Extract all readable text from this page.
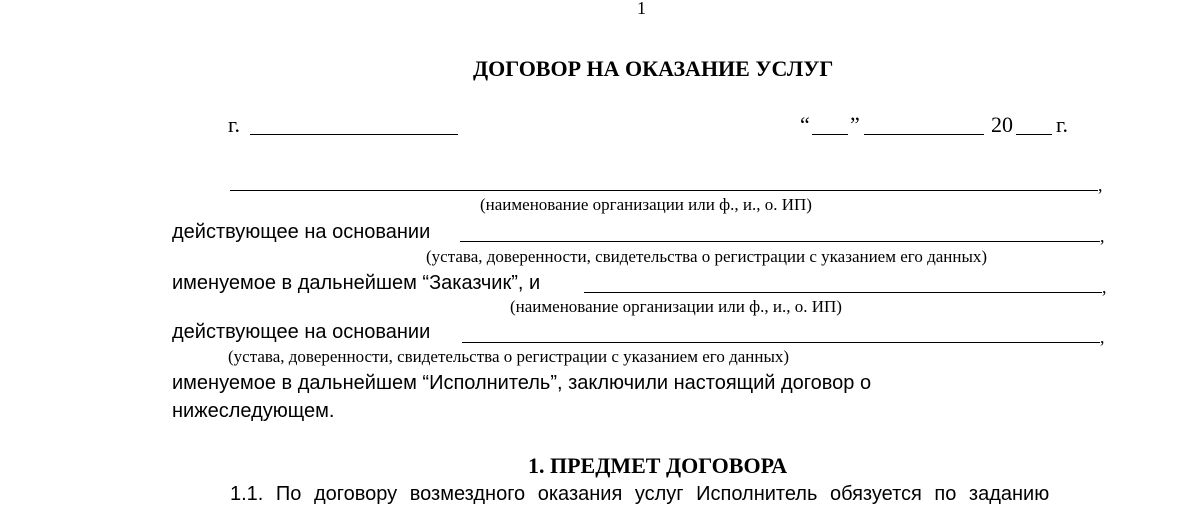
1
ДОГОВОР НА ОКАЗАНИЕ УСЛУГ
г.	“ ”	20 г.
,
(наименование организации или ф., и., о. ИП)
действующее на основании	,
(устава, доверенности, свидетельства о регистрации с указанием его данных)
именуемое в дальнейшем “Заказчик”, и	,
(наименование организации или ф., и., о. ИП)
действующее на основании	,
(устава, доверенности, свидетельства о регистрации с указанием его данных)
именуемое в дальнейшем “Исполнитель”, заключили настоящий договор о
нижеследующем.
1. ПРЕДМЕТ ДОГОВОРА
1.1. По договору возмездного оказания услуг Исполнитель обязуется по заданию
